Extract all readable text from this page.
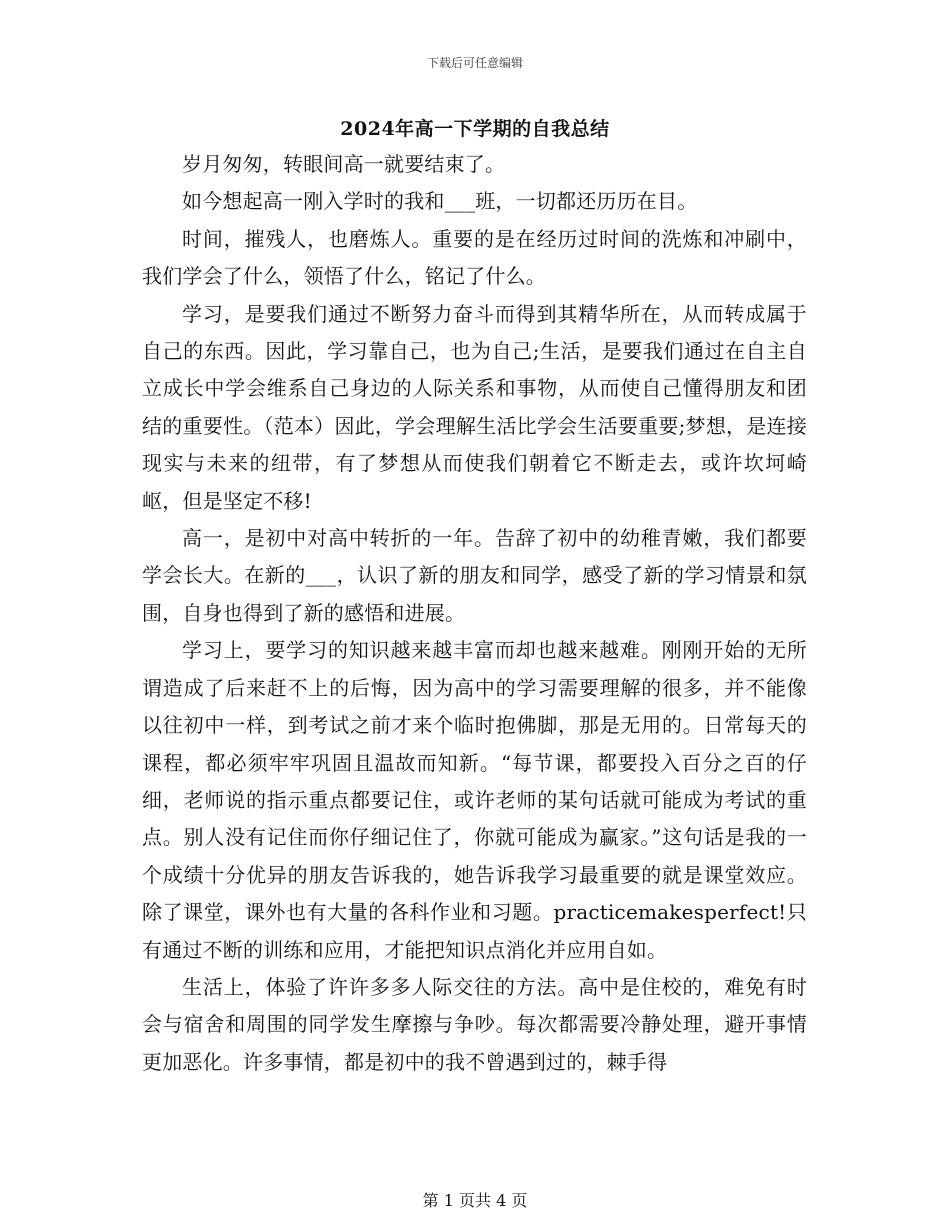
下载后可任意编辑
2024年高一下学期的自我总结

岁月匆匆，转眼间高一就要结束了。

如今想起高一刚入学时的我和___班，一切都还历历在目。

时间，摧残人，也磨炼人。重要的是在经历过时间的洗炼和冲刷中，我们学会了什么，领悟了什么，铭记了什么。

学习，是要我们通过不断努力奋斗而得到其精华所在，从而转成属于自己的东西。因此，学习靠自己，也为自己;生活，是要我们通过在自主自立成长中学会维系自己身边的人际关系和事物，从而使自己懂得朋友和团结的重要性。（范本）因此，学会理解生活比学会生活要重要;梦想，是连接现实与未来的纽带，有了梦想从而使我们朝着它不断走去，或许坎坷崎岖，但是坚定不移!

高一，是初中对高中转折的一年。告辞了初中的幼稚青嫩，我们都要学会长大。在新的___，认识了新的朋友和同学，感受了新的学习情景和氛围，自身也得到了新的感悟和进展。

学习上，要学习的知识越来越丰富而却也越来越难。刚刚开始的无所谓造成了后来赶不上的后悔，因为高中的学习需要理解的很多，并不能像以往初中一样，到考试之前才来个临时抱佛脚，那是无用的。日常每天的课程，都必须牢牢巩固且温故而知新。“每节课，都要投入百分之百的仔细，老师说的指示重点都要记住，或许老师的某句话就可能成为考试的重点。别人没有记住而你仔细记住了，你就可能成为赢家。”这句话是我的一个成绩十分优异的朋友告诉我的，她告诉我学习最重要的就是课堂效应。除了课堂，课外也有大量的各科作业和习题。practicemakesperfect!只有通过不断的训练和应用，才能把知识点消化并应用自如。

生活上，体验了许许多多人际交往的方法。高中是住校的，难免有时会与宿舍和周围的同学发生摩擦与争吵。每次都需要冷静处理，避开事情更加恶化。许多事情，都是初中的我不曾遇到过的，棘手得

第 1 页共 4 页
